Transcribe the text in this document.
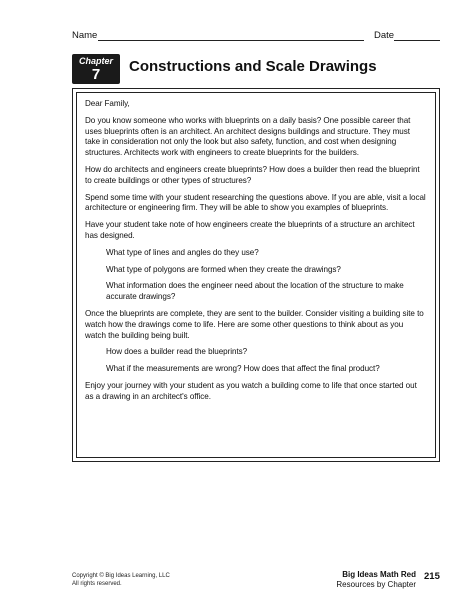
Name	Date
Chapter
7	Constructions and Scale Drawings

Dear Family,

Do you know someone who works with blueprints on a daily basis? One possible career that uses blueprints often is an architect. An architect designs buildings and structure. They must take in consideration not only the look but also safety, function, and cost when designing structures. Architects work with engineers to create blueprints for the builders.

How do architects and engineers create blueprints? How does a builder then read the blueprint to create buildings or other types of structures?

Spend some time with your student researching the questions above. If you are able, visit a local architecture or engineering firm. They will be able to show you examples of blueprints.

Have your student take note of how engineers create the blueprints of a structure an architect has designed.

What type of lines and angles do they use?

What type of polygons are formed when they create the drawings?

What information does the engineer need about the location of the structure to make accurate drawings?

Once the blueprints are complete, they are sent to the builder. Consider visiting a building site to watch how the drawings come to life. Here are some other questions to think about as you watch the building being built.

How does a builder read the blueprints?

What if the measurements are wrong? How does that affect the final product?

Enjoy your journey with your student as you watch a building come to life that once started out as a drawing in an architect's office.

Copyright © Big Ideas Learning, LLC
All rights reserved.
Big Ideas Math Red
Resources by Chapter
215
